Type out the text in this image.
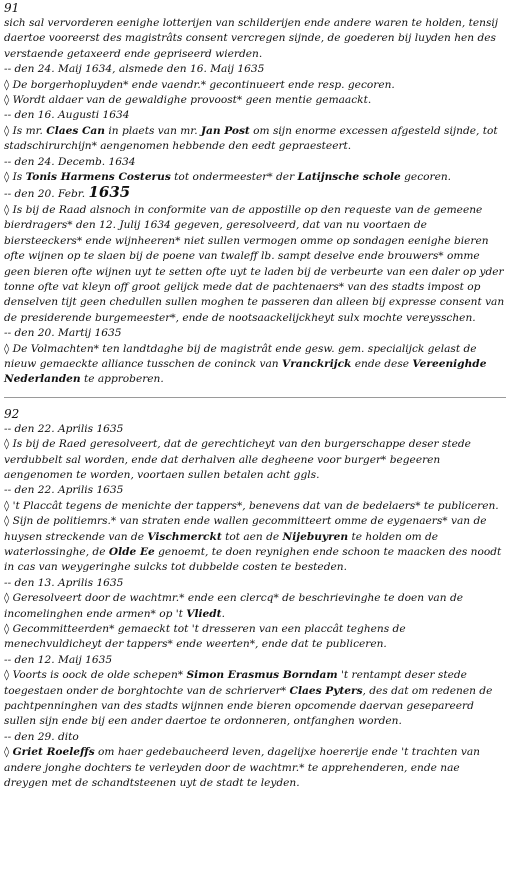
91

sich sal vervorderen eenighe lotterijen van schilderijen ende andere waren te holden, tensij daertoe vooreerst des magistrâts consent vercregen sijnde, de goederen bij luyden hen des verstaende getaxeerd ende gepriseerd wierden.

-- den 24. Maij 1634, alsmede den 16. Maij 1635

◊ De borgerhopluyden* ende vaendr.* gecontinueert ende resp. gecoren.

◊ Wordt aldaer van de gewaldighe provoost* geen mentie gemaackt.

-- den 16. Augusti 1634

◊ Is mr. Claes Can in plaets van mr. Jan Post om sijn enorme excessen afgesteld sijnde, tot stadschirurchijn* aengenomen hebbende den eedt gepraesteert.

-- den 24. Decemb. 1634

◊ Is Tonis Harmens Costerus tot ondermeester* der Latijnsche schole gecoren.

-- den 20. Febr. 1635

◊ Is bij de Raad alsnoch in conformite van de appostille op den requeste van de gemeene bierdragers* den 12. Julij 1634 gegeven, geresolveerd, dat van nu voortaen de biersteeckers* ende wijnheeren* niet sullen vermogen omme op sondagen eenighe bieren ofte wijnen op te slaen bij de poene van twaleff lb. sampt deselve ende brouwers* omme geen bieren ofte wijnen uyt te setten ofte uyt te laden bij de verbeurte van een daler op yder tonne ofte vat kleyn off groot gelijck mede dat de pachtenaers* van des stadts impost op denselven tijt geen chedullen sullen moghen te passeren dan alleen bij expresse consent van de presiderende burgemeester*, ende de nootsaackelijckheyt sulx mochte vereysschen.

-- den 20. Martij 1635

◊ De Volmachten* ten landtdaghe bij de magistrât ende gesw. gem. specialijck gelast de nieuw gemaeckte alliance tusschen de coninck van Vranckrijck ende dese Vereenighde Nederlanden te approberen.

92

-- den 22. Aprilis 1635

◊ Is bij de Raed geresolveert, dat de gerechticheyt van den burgerschappe deser stede verdubbelt sal worden, ende dat derhalven alle degheene voor burger* begeeren aengenomen te worden, voortaen sullen betalen acht ggls.

-- den 22. Aprilis 1635

◊ 't Placcât tegens de menichte der tappers*, benevens dat van de bedelaers* te publiceren.

◊ Sijn de politiemrs.* van straten ende wallen gecommitteert omme de eygenaers* van de huysen streckende van de Vischmerckt tot aen de Nijebuyren te holden om de waterlossinghe, de Olde Ee genoemt, te doen reynighen ende schoon te maacken des noodt in cas van weygeringhe sulcks tot dubbelde costen te besteden.

-- den 13. Aprilis 1635

◊ Geresolveert door de wachtmr.* ende een clercq* de beschrievinghe te doen van de incomelinghen ende armen* op 't Vliedt.

◊ Gecommitteerden* gemaeckt tot 't dresseren van een placcât teghens de menechvuldicheyt der tappers* ende weerten*, ende dat te publiceren.

-- den 12. Maij 1635

◊ Voorts is oock de olde schepen* Simon Erasmus Borndam 't rentampt deser stede toegestaen onder de borghtochte van de schrierver* Claes Pyters, des dat om redenen de pachtpenninghen van des stadts wijnnen ende bieren opcomende daervan gesepareerd sullen sijn ende bij een ander daertoe te ordonneren, ontfanghen worden.

-- den 29. dito

◊ Griet Roeleffs om haer gedebaucheerd leven, dagelijxe hoererije ende 't trachten van andere jonghe dochters te verleyden door de wachtmr.* te apprehenderen, ende nae dreygen met de schandtsteenen uyt de stadt te leyden.
